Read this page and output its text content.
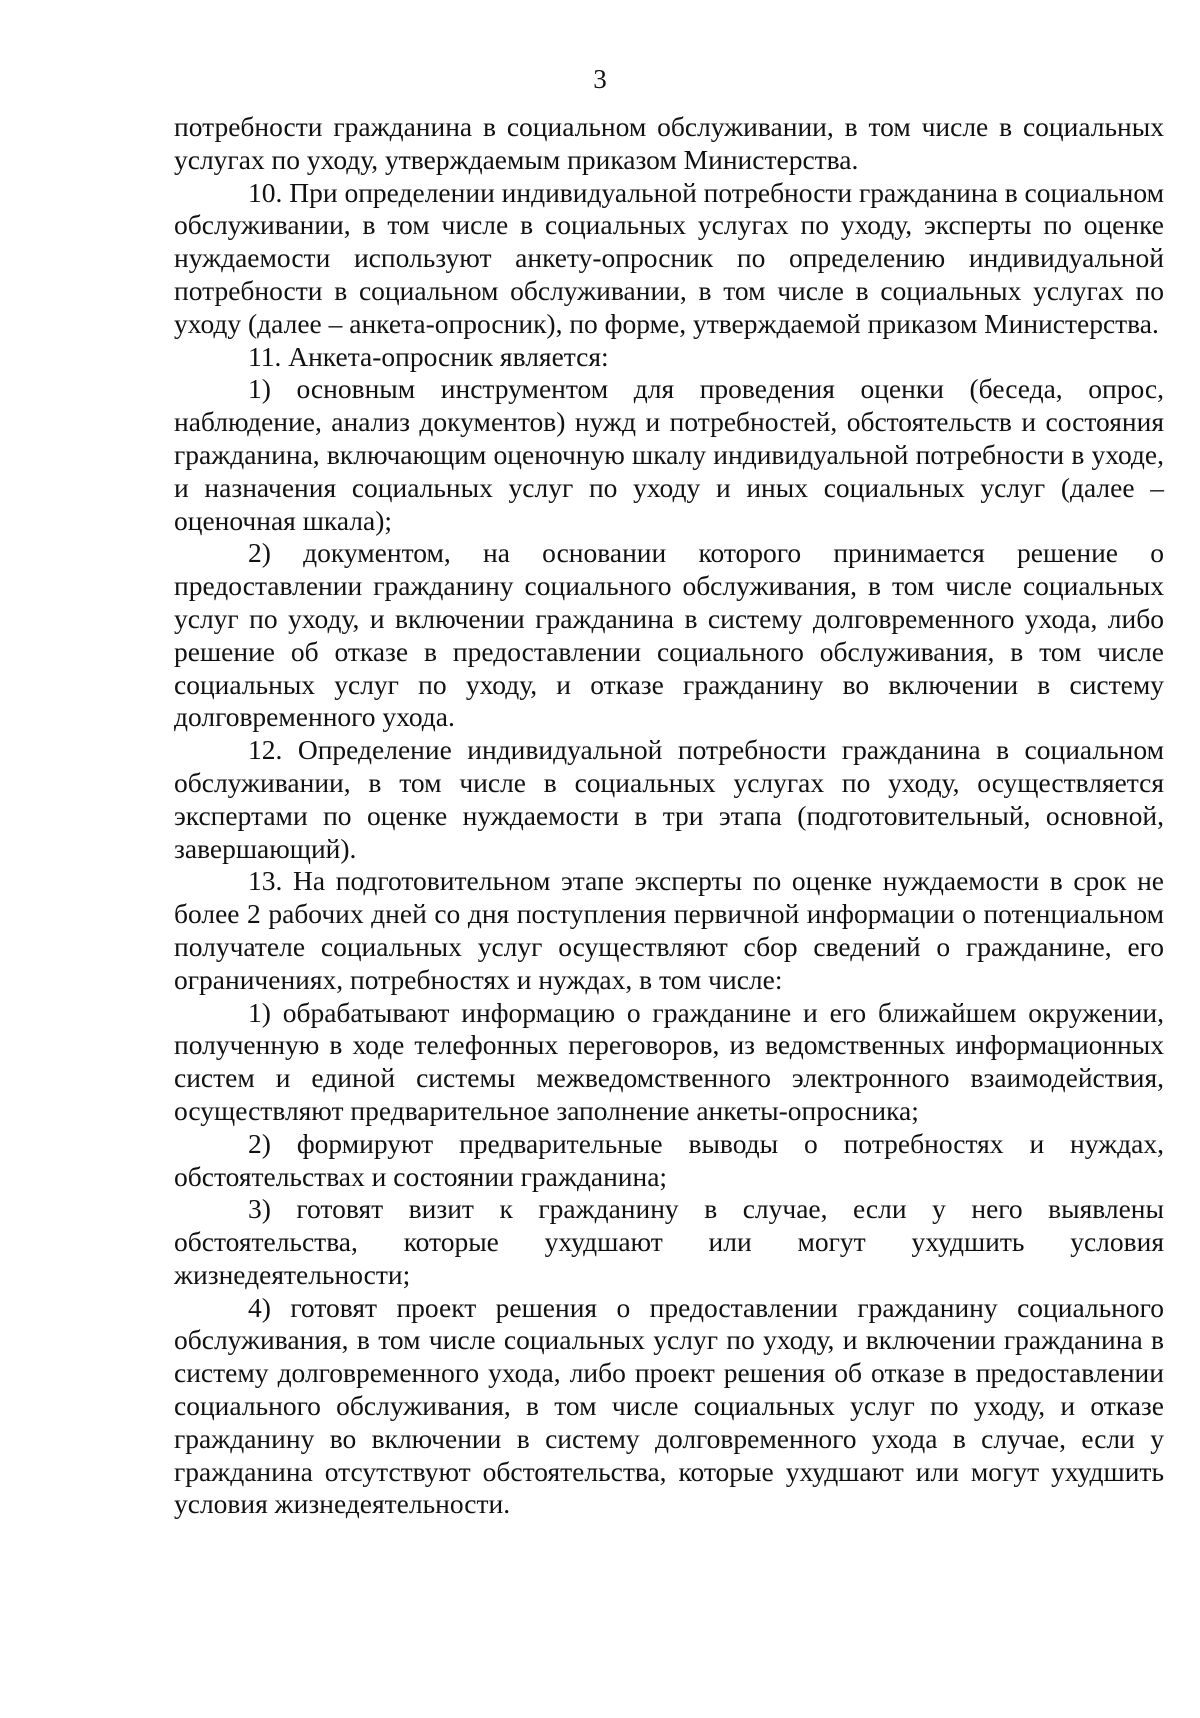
3

потребности гражданина в социальном обслуживании, в том числе в социальных услугах по уходу, утверждаемым приказом Министерства.

10. При определении индивидуальной потребности гражданина в социальном обслуживании, в том числе в социальных услугах по уходу, эксперты по оценке нуждаемости используют анкету-опросник по определению индивидуальной потребности в социальном обслуживании, в том числе в социальных услугах по уходу (далее – анкета-опросник), по форме, утверждаемой приказом Министерства.

11. Анкета-опросник является:

1) основным инструментом для проведения оценки (беседа, опрос, наблюдение, анализ документов) нужд и потребностей, обстоятельств и состояния гражданина, включающим оценочную шкалу индивидуальной потребности в уходе, и назначения социальных услуг по уходу и иных социальных услуг (далее – оценочная шкала);

2) документом, на основании которого принимается решение о предоставлении гражданину социального обслуживания, в том числе социальных услуг по уходу, и включении гражданина в систему долговременного ухода, либо решение об отказе в предоставлении социального обслуживания, в том числе социальных услуг по уходу, и отказе гражданину во включении в систему долговременного ухода.

12. Определение индивидуальной потребности гражданина в социальном обслуживании, в том числе в социальных услугах по уходу, осуществляется экспертами по оценке нуждаемости в три этапа (подготовительный, основной, завершающий).

13. На подготовительном этапе эксперты по оценке нуждаемости в срок не более 2 рабочих дней со дня поступления первичной информации о потенциальном получателе социальных услуг осуществляют сбор сведений о гражданине, его ограничениях, потребностях и нуждах, в том числе:

1) обрабатывают информацию о гражданине и его ближайшем окружении, полученную в ходе телефонных переговоров, из ведомственных информационных систем и единой системы межведомственного электронного взаимодействия, осуществляют предварительное заполнение анкеты-опросника;

2) формируют предварительные выводы о потребностях и нуждах, обстоятельствах и состоянии гражданина;

3) готовят визит к гражданину в случае, если у него выявлены обстоятельства, которые ухудшают или могут ухудшить условия жизнедеятельности;

4) готовят проект решения о предоставлении гражданину социального обслуживания, в том числе социальных услуг по уходу, и включении гражданина в систему долговременного ухода, либо проект решения об отказе в предоставлении социального обслуживания, в том числе социальных услуг по уходу, и отказе гражданину во включении в систему долговременного ухода в случае, если у гражданина отсутствуют обстоятельства, которые ухудшают или могут ухудшить условия жизнедеятельности.
